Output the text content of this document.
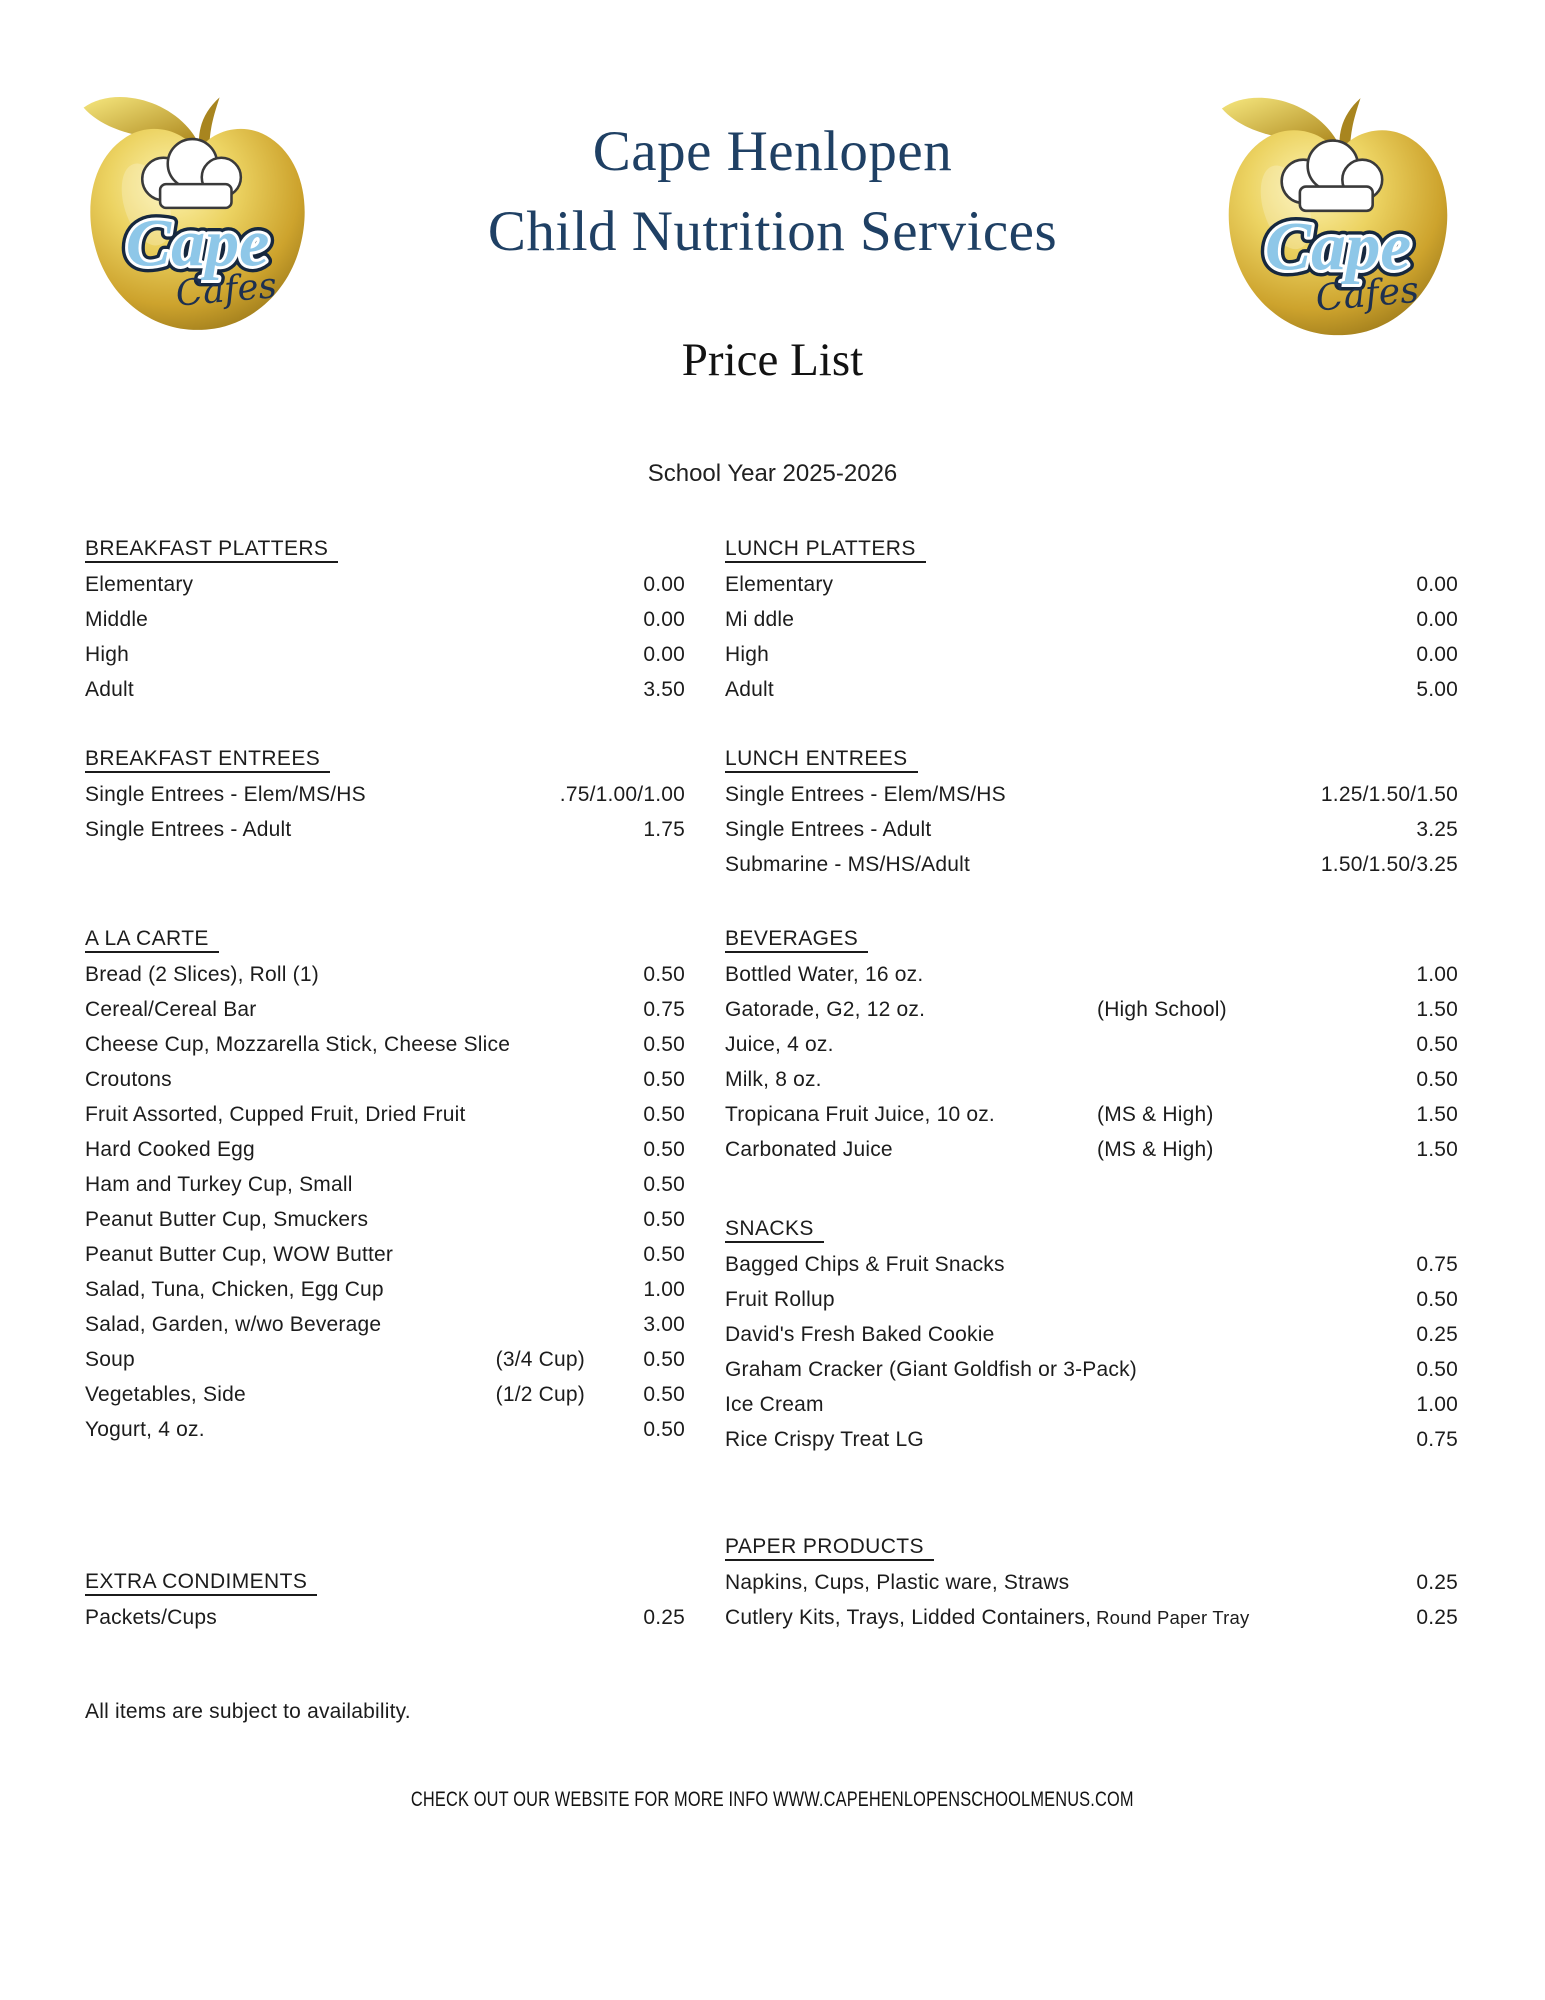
Cape Henlopen
Child Nutrition Services
Price List
School Year 2025-2026
BREAKFAST PLATTERS
Elementary	0.00
Middle	0.00
High	0.00
Adult	3.50
BREAKFAST ENTREES
Single Entrees - Elem/MS/HS	.75/1.00/1.00
Single Entrees - Adult	1.75
A LA CARTE
Bread (2 Slices), Roll (1)	0.50
Cereal/Cereal Bar	0.75
Cheese Cup, Mozzarella Stick, Cheese Slice	0.50
Croutons	0.50
Fruit Assorted, Cupped Fruit, Dried Fruit	0.50
Hard Cooked Egg	0.50
Ham and Turkey Cup, Small	0.50
Peanut Butter Cup, Smuckers	0.50
Peanut Butter Cup, WOW Butter	0.50
Salad, Tuna, Chicken, Egg Cup	1.00
Salad, Garden, w/wo Beverage	3.00
Soup	(3/4 Cup)	0.50
Vegetables, Side	(1/2 Cup)	0.50
Yogurt, 4 oz.	0.50
EXTRA CONDIMENTS
Packets/Cups	0.25
LUNCH PLATTERS
Elementary	0.00
Mi ddle	0.00
High	0.00
Adult	5.00
LUNCH ENTREES
Single Entrees - Elem/MS/HS	1.25/1.50/1.50
Single Entrees - Adult	3.25
Submarine - MS/HS/Adult	1.50/1.50/3.25
BEVERAGES
Bottled Water, 16 oz.	1.00
Gatorade, G2, 12 oz.	(High School)	1.50
Juice, 4 oz.	0.50
Milk, 8 oz.	0.50
Tropicana Fruit Juice, 10 oz.	(MS & High)	1.50
Carbonated Juice	(MS & High)	1.50
SNACKS
Bagged Chips & Fruit Snacks	0.75
Fruit Rollup	0.50
David's Fresh Baked Cookie	0.25
Graham Cracker (Giant Goldfish or 3-Pack)	0.50
Ice Cream	1.00
Rice Crispy Treat LG	0.75
PAPER PRODUCTS
Napkins, Cups, Plastic ware, Straws	0.25
Cutlery Kits, Trays, Lidded Containers, Round Paper Tray	0.25
All items are subject to availability.
CHECK OUT OUR WEBSITE FOR MORE INFO WWW.CAPEHENLOPENSCHOOLMENUS.COM
